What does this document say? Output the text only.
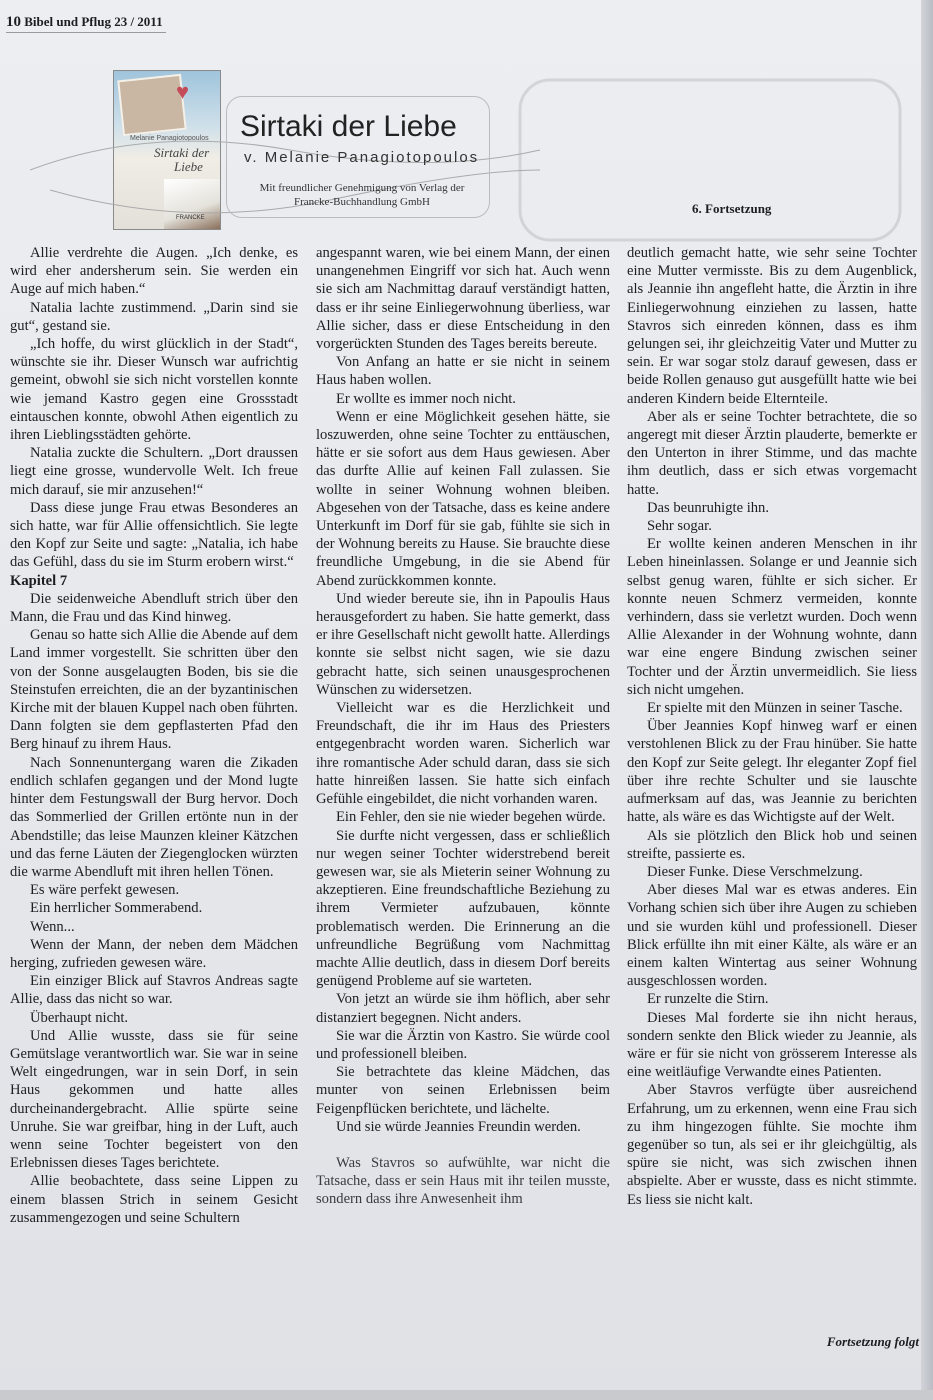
10 Bibel und Pflug 23 / 2011
♥
Melanie Panagiotopoulos
Sirtaki der
Liebe
FRANCKE
Sirtaki der Liebe
v. Melanie Panagiotopoulos
Mit freundlicher Genehmigung von Verlag der Francke-Buchhandlung GmbH	6. Fortsetzung

Allie verdrehte die Augen. „Ich denke, es wird eher andersherum sein. Sie werden ein Auge auf mich haben.“

Natalia lachte zustimmend. „Darin sind sie gut“, gestand sie.

„Ich hoffe, du wirst glücklich in der Stadt“, wünschte sie ihr. Dieser Wunsch war aufrichtig gemeint, obwohl sie sich nicht vorstellen konnte wie jemand Kastro gegen eine Grossstadt eintauschen konnte, obwohl Athen eigentlich zu ihren Lieblingsstädten gehörte.

Natalia zuckte die Schultern. „Dort draussen liegt eine grosse, wundervolle Welt. Ich freue mich darauf, sie mir anzusehen!“

Dass diese junge Frau etwas Besonderes an sich hatte, war für Allie offensichtlich. Sie legte den Kopf zur Seite und sagte: „Natalia, ich habe das Gefühl, dass du sie im Sturm erobern wirst.“

Kapitel 7

Die seidenweiche Abendluft strich über den Mann, die Frau und das Kind hinweg.

Genau so hatte sich Allie die Abende auf dem Land immer vorgestellt. Sie schritten über den von der Sonne ausgelaugten Boden, bis sie die Steinstufen erreichten, die an der byzantinischen Kirche mit der blauen Kuppel nach oben führten. Dann folgten sie dem gepflasterten Pfad den Berg hinauf zu ihrem Haus.

Nach Sonnenuntergang waren die Zikaden endlich schlafen gegangen und der Mond lugte hinter dem Festungswall der Burg hervor. Doch das Sommerlied der Grillen ertönte nun in der Abendstille; das leise Maunzen kleiner Kätzchen und das ferne Läuten der Ziegenglocken würzten die warme Abendluft mit ihren hellen Tönen.

Es wäre perfekt gewesen.

Ein herrlicher Sommerabend.

Wenn...

Wenn der Mann, der neben dem Mädchen herging, zufrieden gewesen wäre.

Ein einziger Blick auf Stavros Andreas sagte Allie, dass das nicht so war.

Überhaupt nicht.

Und Allie wusste, dass sie für seine Gemütslage verantwortlich war. Sie war in seine Welt eingedrungen, war in sein Dorf, in sein Haus gekommen und hatte alles durcheinandergebracht. Allie spürte seine Unruhe. Sie war greifbar, hing in der Luft, auch wenn seine Tochter begeistert von den Erlebnissen dieses Tages berichtete.

Allie beobachtete, dass seine Lippen zu einem blassen Strich in seinem Gesicht zusammengezogen und seine Schultern

angespannt waren, wie bei einem Mann, der einen unangenehmen Eingriff vor sich hat. Auch wenn sie sich am Nachmittag darauf verständigt hatten, dass er ihr seine Einliegerwohnung überliess, war Allie sicher, dass er diese Entscheidung in den vorgerückten Stunden des Tages bereits bereute.

Von Anfang an hatte er sie nicht in seinem Haus haben wollen.

Er wollte es immer noch nicht.

Wenn er eine Möglichkeit gesehen hätte, sie loszuwerden, ohne seine Tochter zu enttäuschen, hätte er sie sofort aus dem Haus gewiesen. Aber das durfte Allie auf keinen Fall zulassen. Sie wollte in seiner Wohnung wohnen bleiben. Abgesehen von der Tatsache, dass es keine andere Unterkunft im Dorf für sie gab, fühlte sie sich in der Wohnung bereits zu Hause. Sie brauchte diese freundliche Umgebung, in die sie Abend für Abend zurückkommen konnte.

Und wieder bereute sie, ihn in Papoulis Haus herausgefordert zu haben. Sie hatte gemerkt, dass er ihre Gesellschaft nicht gewollt hatte. Allerdings konnte sie selbst nicht sagen, wie sie dazu gebracht hatte, sich seinen unausgesprochenen Wünschen zu widersetzen.

Vielleicht war es die Herzlichkeit und Freundschaft, die ihr im Haus des Priesters entgegenbracht worden waren. Sicherlich war ihre romantische Ader schuld daran, dass sie sich hatte hinreißen lassen. Sie hatte sich einfach Gefühle eingebildet, die nicht vorhanden waren.

Ein Fehler, den sie nie wieder begehen würde.

Sie durfte nicht vergessen, dass er schließlich nur wegen seiner Tochter widerstrebend bereit gewesen war, sie als Mieterin seiner Wohnung zu akzeptieren. Eine freundschaftliche Beziehung zu ihrem Vermieter aufzubauen, könnte problematisch werden. Die Erinnerung an die unfreundliche Begrüßung vom Nachmittag machte Allie deutlich, dass in diesem Dorf bereits genügend Probleme auf sie warteten.

Von jetzt an würde sie ihm höflich, aber sehr distanziert begegnen. Nicht anders.

Sie war die Ärztin von Kastro. Sie würde cool und professionell bleiben.

Sie betrachtete das kleine Mädchen, das munter von seinen Erlebnissen beim Feigenpflücken berichtete, und lächelte.

Und sie würde Jeannies Freundin werden.

Was Stavros so aufwühlte, war nicht die Tatsache, dass er sein Haus mit ihr teilen musste, sondern dass ihre Anwesenheit ihm

deutlich gemacht hatte, wie sehr seine Tochter eine Mutter vermisste. Bis zu dem Augenblick, als Jeannie ihn angefleht hatte, die Ärztin in ihre Einliegerwohnung einziehen zu lassen, hatte Stavros sich einreden können, dass es ihm gelungen sei, ihr gleichzeitig Vater und Mutter zu sein. Er war sogar stolz darauf gewesen, dass er beide Rollen genauso gut ausgefüllt hatte wie bei anderen Kindern beide Elternteile.

Aber als er seine Tochter betrachtete, die so angeregt mit dieser Ärztin plauderte, bemerkte er den Unterton in ihrer Stimme, und das machte ihm deutlich, dass er sich etwas vorgemacht hatte.

Das beunruhigte ihn.

Sehr sogar.

Er wollte keinen anderen Menschen in ihr Leben hineinlassen. Solange er und Jeannie sich selbst genug waren, fühlte er sich sicher. Er konnte neuen Schmerz vermeiden, konnte verhindern, dass sie verletzt wurden. Doch wenn Allie Alexander in der Wohnung wohnte, dann war eine engere Bindung zwischen seiner Tochter und der Ärztin unvermeidlich. Sie liess sich nicht umgehen.

Er spielte mit den Münzen in seiner Tasche.

Über Jeannies Kopf hinweg warf er einen verstohlenen Blick zu der Frau hinüber. Sie hatte den Kopf zur Seite gelegt. Ihr eleganter Zopf fiel über ihre rechte Schulter und sie lauschte aufmerksam auf das, was Jeannie zu berichten hatte, als wäre es das Wichtigste auf der Welt.

Als sie plötzlich den Blick hob und seinen streifte, passierte es.

Dieser Funke. Diese Verschmelzung.

Aber dieses Mal war es etwas anderes. Ein Vorhang schien sich über ihre Augen zu schieben und sie wurden kühl und professionell. Dieser Blick erfüllte ihn mit einer Kälte, als wäre er an einem kalten Wintertag aus seiner Wohnung ausgeschlossen worden.

Er runzelte die Stirn.

Dieses Mal forderte sie ihn nicht heraus, sondern senkte den Blick wieder zu Jeannie, als wäre er für sie nicht von grösserem Interesse als eine weitläufige Verwandte eines Patienten.

Aber Stavros verfügte über ausreichend Erfahrung, um zu erkennen, wenn eine Frau sich zu ihm hingezogen fühlte. Sie mochte ihm gegenüber so tun, als sei er ihr gleichgültig, als spüre sie nicht, was sich zwischen ihnen abspielte. Aber er wusste, dass es nicht stimmte. Es liess sie nicht kalt.

Fortsetzung folgt
